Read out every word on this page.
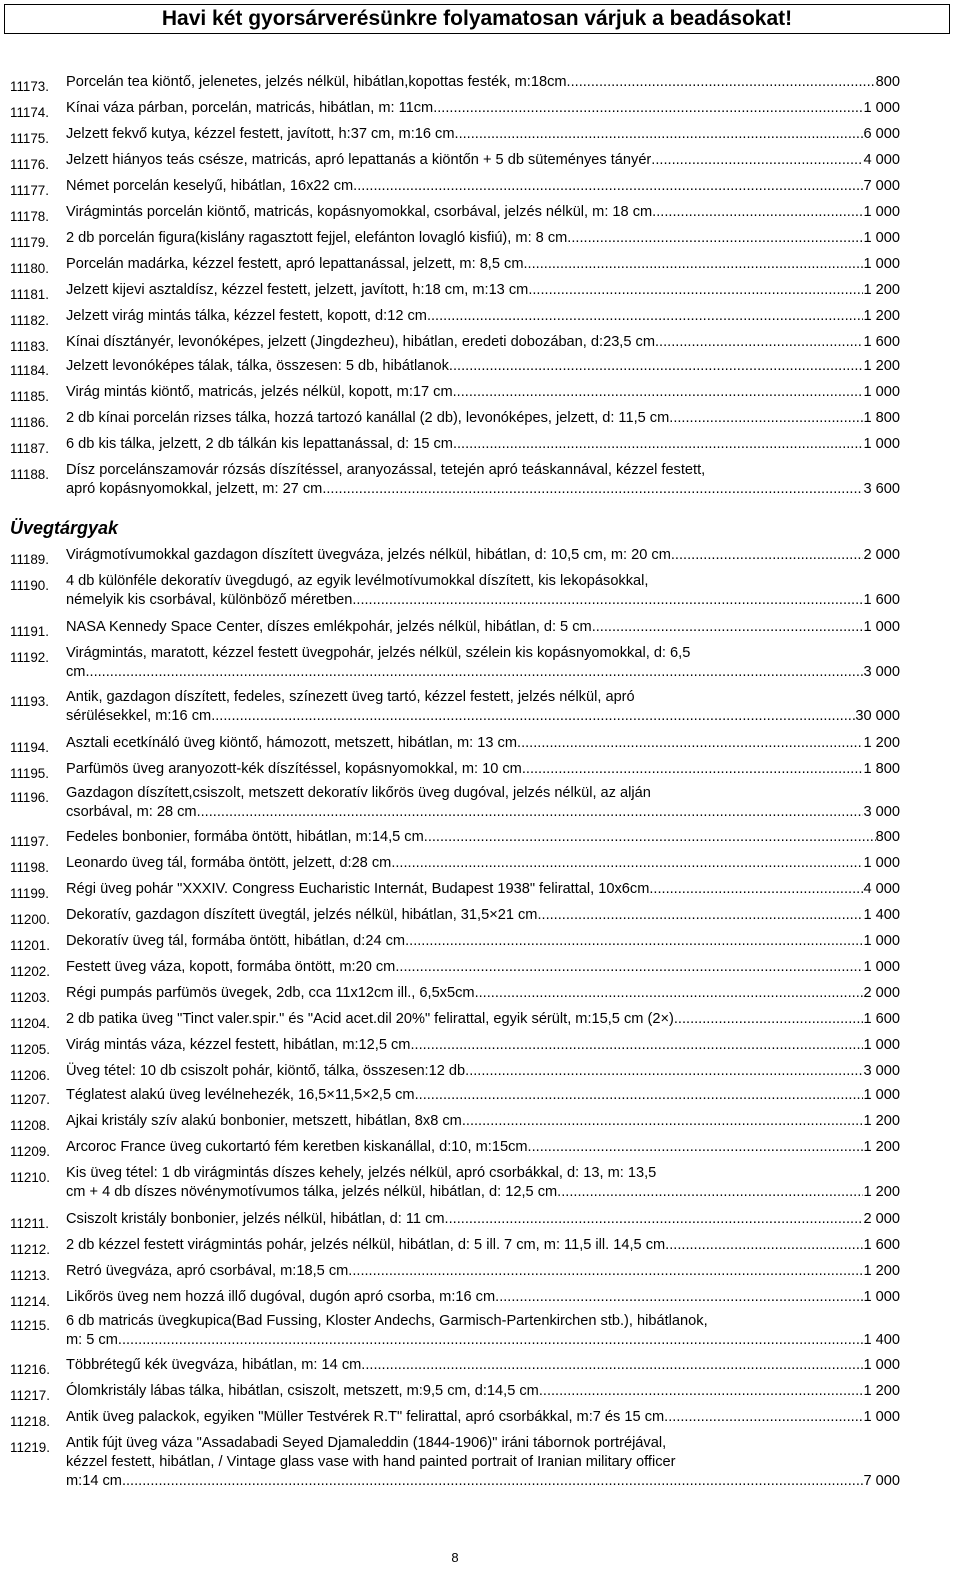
Havi két gyorsárverésünkre folyamatosan várjuk a beadásokat!
11173.	Porcelán tea kiöntő, jelenetes, jelzés nélkül, hibátlan,kopottas festék, m:18cm .....	800
11174.	Kínai váza párban, porcelán, matricás, hibátlan, m: 11cm .....	1 000
11175.	Jelzett fekvő kutya, kézzel festett, javított, h:37 cm, m:16 cm .....	6 000
11176.	Jelzett hiányos teás csésze, matricás, apró lepattanás a kiöntőn + 5 db süteményes tányér .....	4 000
11177.	Német porcelán keselyű, hibátlan, 16x22 cm .....	7 000
11178.	Virágmintás porcelán kiöntő, matricás, kopásnyomokkal, csorbával, jelzés nélkül, m: 18 cm .....	1 000
11179.	2 db porcelán figura(kislány ragasztott fejjel, elefánton lovagló kisfiú), m: 8 cm .....	1 000
11180.	Porcelán madárka, kézzel festett, apró lepattanással, jelzett, m: 8,5 cm .....	1 000
11181.	Jelzett kijevi asztaldísz, kézzel festett, jelzett, javított, h:18 cm, m:13 cm .....	1 200
11182.	Jelzett virág mintás tálka, kézzel festett, kopott, d:12 cm .....	1 200
11183.	Kínai dísztányér, levonóképes, jelzett (Jingdezheu), hibátlan, eredeti dobozában, d:23,5 cm .....	1 600
11184.	Jelzett levonóképes tálak, tálka, összesen: 5 db, hibátlanok .....	1 200
11185.	Virág mintás kiöntő, matricás, jelzés nélkül, kopott, m:17 cm .....	1 000
11186.	2 db kínai porcelán rizses tálka, hozzá tartozó kanállal (2 db), levonóképes, jelzett, d: 11,5 cm .....	1 800
11187.	6 db kis tálka, jelzett, 2 db tálkán kis lepattanással, d: 15 cm .....	1 000
11188.	Dísz porcelánszamovár rózsás díszítéssel, aranyozással, tetején apró teáskannával, kézzel festett,
apró kopásnyomokkal, jelzett, m: 27 cm .....	3 600
11189.	Virágmotívumokkal gazdagon díszített üvegváza, jelzés nélkül, hibátlan, d: 10,5 cm, m: 20 cm .....	2 000
11190.	4 db különféle dekoratív üvegdugó, az egyik levélmotívumokkal díszített, kis lekopásokkal,
némelyik kis csorbával, különböző méretben .....	1 600
11191.	NASA Kennedy Space Center, díszes emlékpohár, jelzés nélkül, hibátlan, d: 5 cm .....	1 000
11192.	Virágmintás, maratott, kézzel festett üvegpohár, jelzés nélkül, szélein kis kopásnyomokkal, d: 6,5
cm .....	3 000
11193.	Antik, gazdagon díszített, fedeles, színezett üveg tartó, kézzel festett, jelzés nélkül, apró
sérülésekkel, m:16 cm .....	30 000
11194.	Asztali ecetkínáló üveg kiöntő, hámozott, metszett, hibátlan, m: 13 cm .....	1 200
11195.	Parfümös üveg aranyozott-kék díszítéssel, kopásnyomokkal, m: 10 cm .....	1 800
11196.	Gazdagon díszített,csiszolt, metszett dekoratív likőrös üveg dugóval, jelzés nélkül, az alján
csorbával, m: 28 cm .....	3 000
11197.	Fedeles bonbonier, formába öntött, hibátlan, m:14,5 cm .....	800
11198.	Leonardo üveg tál, formába öntött, jelzett, d:28 cm .....	1 000
11199.	Régi üveg pohár "XXXIV. Congress Eucharistic Internát, Budapest 1938" felirattal, 10x6cm .....	4 000
11200.	Dekoratív, gazdagon díszített üvegtál, jelzés nélkül, hibátlan, 31,5×21 cm .....	1 400
11201.	Dekoratív üveg tál, formába öntött, hibátlan, d:24 cm .....	1 000
11202.	Festett üveg váza, kopott, formába öntött, m:20 cm .....	1 000
11203.	Régi pumpás parfümös üvegek, 2db, cca 11x12cm ill., 6,5x5cm .....	2 000
11204.	2 db patika üveg "Tinct valer.spir." és "Acid acet.dil 20%" felirattal, egyik sérült, m:15,5 cm (2×) .....	1 600
11205.	Virág mintás váza, kézzel festett, hibátlan, m:12,5 cm .....	1 000
11206.	Üveg tétel: 10 db csiszolt pohár, kiöntő, tálka, összesen:12 db .....	3 000
11207.	Téglatest alakú üveg levélnehezék, 16,5×11,5×2,5 cm .....	1 000
11208.	Ajkai kristály szív alakú bonbonier, metszett, hibátlan, 8x8 cm .....	1 200
11209.	Arcoroc France üveg cukortartó fém keretben kiskanállal, d:10, m:15cm .....	1 200
11210.	Kis üveg tétel: 1 db virágmintás díszes kehely, jelzés nélkül, apró csorbákkal, d: 13, m: 13,5
cm + 4 db díszes növénymotívumos tálka, jelzés nélkül, hibátlan, d: 12,5 cm .....	1 200
11211.	Csiszolt kristály bonbonier, jelzés nélkül, hibátlan, d: 11 cm .....	2 000
11212.	2 db kézzel festett virágmintás pohár, jelzés nélkül, hibátlan, d: 5 ill. 7 cm, m: 11,5 ill. 14,5 cm .....	1 600
11213.	Retró üvegváza, apró csorbával, m:18,5 cm .....	1 200
11214.	Likőrös üveg nem hozzá illő dugóval, dugón apró csorba, m:16 cm .....	1 000
11215.	6 db matricás üvegkupica(Bad Fussing, Kloster Andechs, Garmisch-Partenkirchen stb.), hibátlanok,
m: 5 cm .....	1 400
11216.	Többrétegű kék üvegváza, hibátlan, m: 14 cm .....	1 000
11217.	Ólomkristály lábas tálka, hibátlan, csiszolt, metszett, m:9,5 cm, d:14,5 cm .....	1 200
11218.	Antik üveg palackok, egyiken "Müller Testvérek R.T" felirattal, apró csorbákkal, m:7 és 15 cm .....	1 000
11219.	Antik fújt üveg váza "Assadabadi Seyed Djamaleddin (1844-1906)" iráni tábornok portréjával,
kézzel festett, hibátlan, / Vintage glass vase with hand painted portrait of Iranian military officer
m:14 cm .....	7 000
Üvegtárgyak
8
